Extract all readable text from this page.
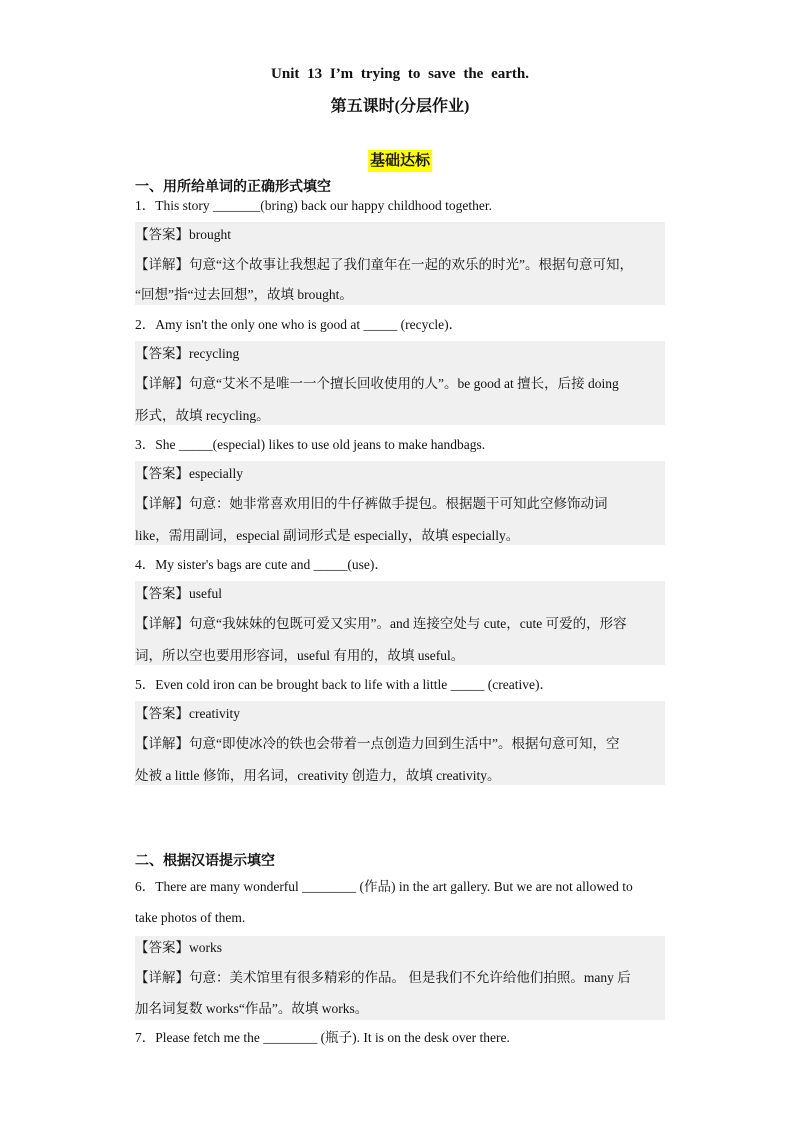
Unit 13 I’m trying to save the earth.
第五课时(分层作业)
基础达标
一、用所给单词的正确形式填空
1．This story _______(bring) back our happy childhood together.
【答案】brought
【详解】句意“这个故事让我想起了我们童年在一起的欢乐的时光”。根据句意可知，
“回想”指“过去回想”，故填 brought。
2．Amy isn't the only one who is good at _____ (recycle)．
【答案】recycling
【详解】句意“艾米不是唯一一个擅长回收使用的人”。be good at 擅长，后接 doing
形式，故填 recycling。
3．She _____(especial) likes to use old jeans to make handbags.
【答案】especially
【详解】句意：她非常喜欢用旧的牛仔裤做手提包。根据题干可知此空修饰动词
like，需用副词，especial 副词形式是 especially，故填 especially。
4．My sister's bags are cute and _____(use)．
【答案】useful
【详解】句意“我妹妹的包既可爱又实用”。and 连接空处与 cute，cute 可爱的，形容
词，所以空也要用形容词，useful 有用的，故填 useful。
5．Even cold iron can be brought back to life with a little _____ (creative)．
【答案】creativity
【详解】句意“即使冰冷的铁也会带着一点创造力回到生活中”。根据句意可知，空
处被 a little 修饰，用名词，creativity 创造力，故填 creativity。
二、根据汉语提示填空
6．There are many wonderful ________ (作品) in the art gallery. But we are not allowed to
take photos of them.
【答案】works
【详解】句意：美术馆里有很多精彩的作品。 但是我们不允许给他们拍照。many 后
加名词复数 works“作品”。故填 works。
7．Please fetch me the ________ (瓶子). It is on the desk over there.
